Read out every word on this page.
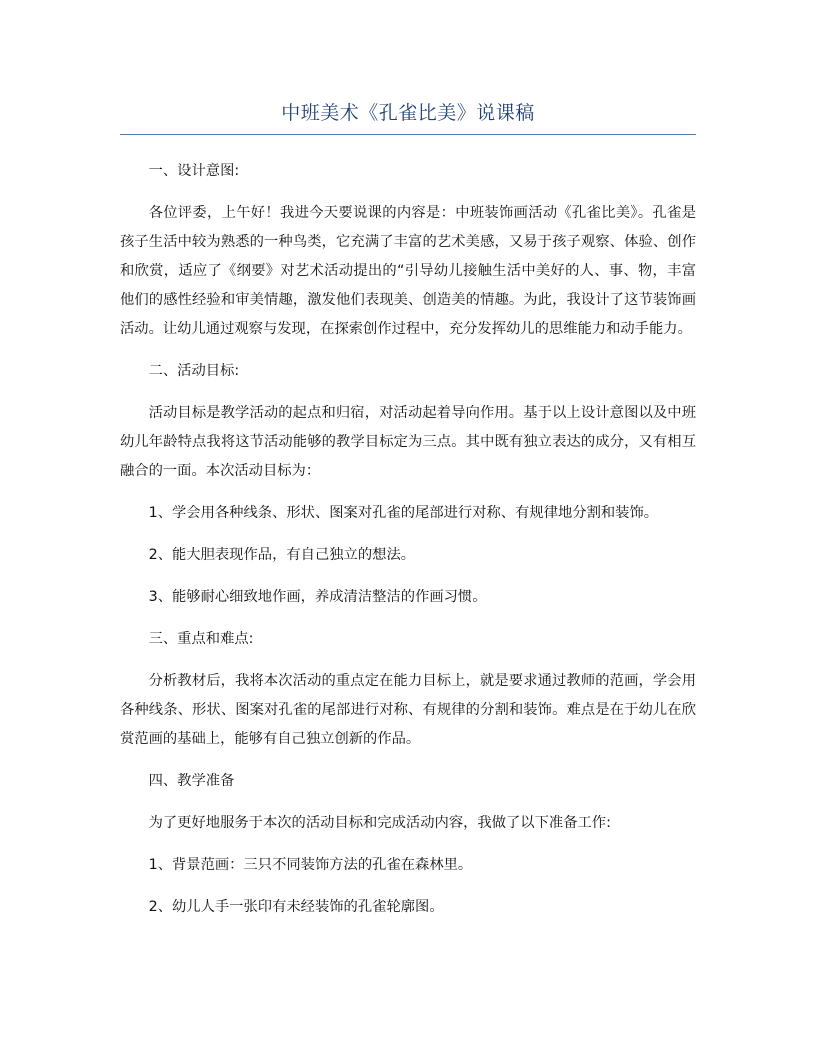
中班美术《孔雀比美》说课稿

一、设计意图:

各位评委，上午好！我进今天要说课的内容是：中班装饰画活动《孔雀比美》。孔雀是孩子生活中较为熟悉的一种鸟类，它充满了丰富的艺术美感，又易于孩子观察、体验、创作和欣赏，适应了《纲要》对艺术活动提出的“引导幼儿接触生活中美好的人、事、物，丰富他们的感性经验和审美情趣，激发他们表现美、创造美的情趣。为此，我设计了这节装饰画活动。让幼儿通过观察与发现，在探索创作过程中，充分发挥幼儿的思维能力和动手能力。

二、活动目标:

活动目标是教学活动的起点和归宿，对活动起着导向作用。基于以上设计意图以及中班幼儿年龄特点我将这节活动能够的教学目标定为三点。其中既有独立表达的成分，又有相互融合的一面。本次活动目标为：

1、学会用各种线条、形状、图案对孔雀的尾部进行对称、有规律地分割和装饰。

2、能大胆表现作品，有自己独立的想法。

3、能够耐心细致地作画，养成清洁整洁的作画习惯。

三、重点和难点:

分析教材后，我将本次活动的重点定在能力目标上，就是要求通过教师的范画，学会用各种线条、形状、图案对孔雀的尾部进行对称、有规律的分割和装饰。难点是在于幼儿在欣赏范画的基础上，能够有自己独立创新的作品。

四、教学准备

为了更好地服务于本次的活动目标和完成活动内容，我做了以下准备工作:

1、背景范画：三只不同装饰方法的孔雀在森林里。

2、幼儿人手一张印有未经装饰的孔雀轮廓图。
